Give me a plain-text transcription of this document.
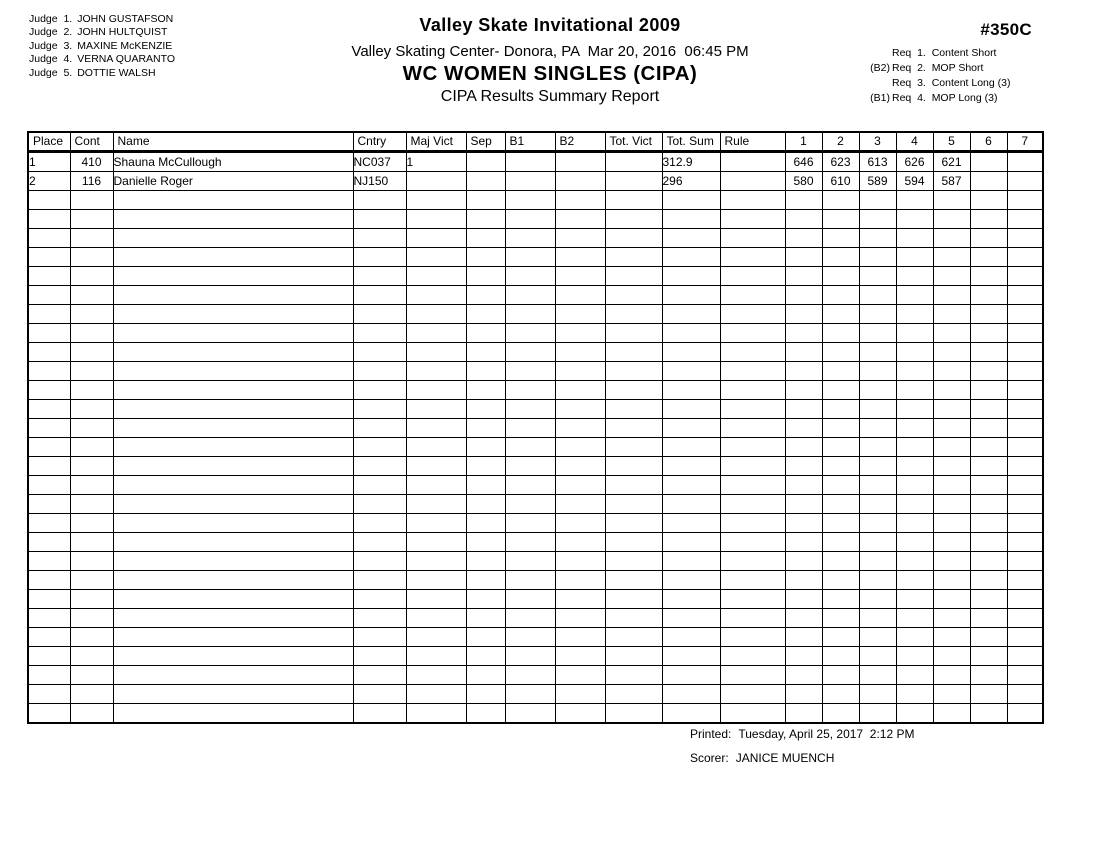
Judge  1. JOHN GUSTAFSON
Judge  2. JOHN HULTQUIST
Judge  3. MAXINE McKENZIE
Judge  4. VERNA QUARANTO
Judge  5. DOTTIE WALSH
Valley Skate Invitational 2009
Valley Skating Center- Donora, PA  Mar 20, 2016  06:45 PM
WC WOMEN SINGLES (CIPA)
CIPA Results Summary Report
#350C
Req  1.  Content Short
(B2) Req  2.  MOP Short
Req  3.  Content Long (3)
(B1) Req  4.  MOP Long (3)
Place	Cont	Name	Cntry	Maj Vict	Sep	B1	B2	Tot. Vict	Tot. Sum	Rule	1	2	3	4	5	6	7
1	410	Shauna McCullough	NC037	1					312.9		646	623	613	626	621		
2	116	Danielle Roger	NJ150						296		580	610	589	594	587		

Printed: Tuesday, April 25, 2017  2:12 PM
Scorer: JANICE MUENCH
